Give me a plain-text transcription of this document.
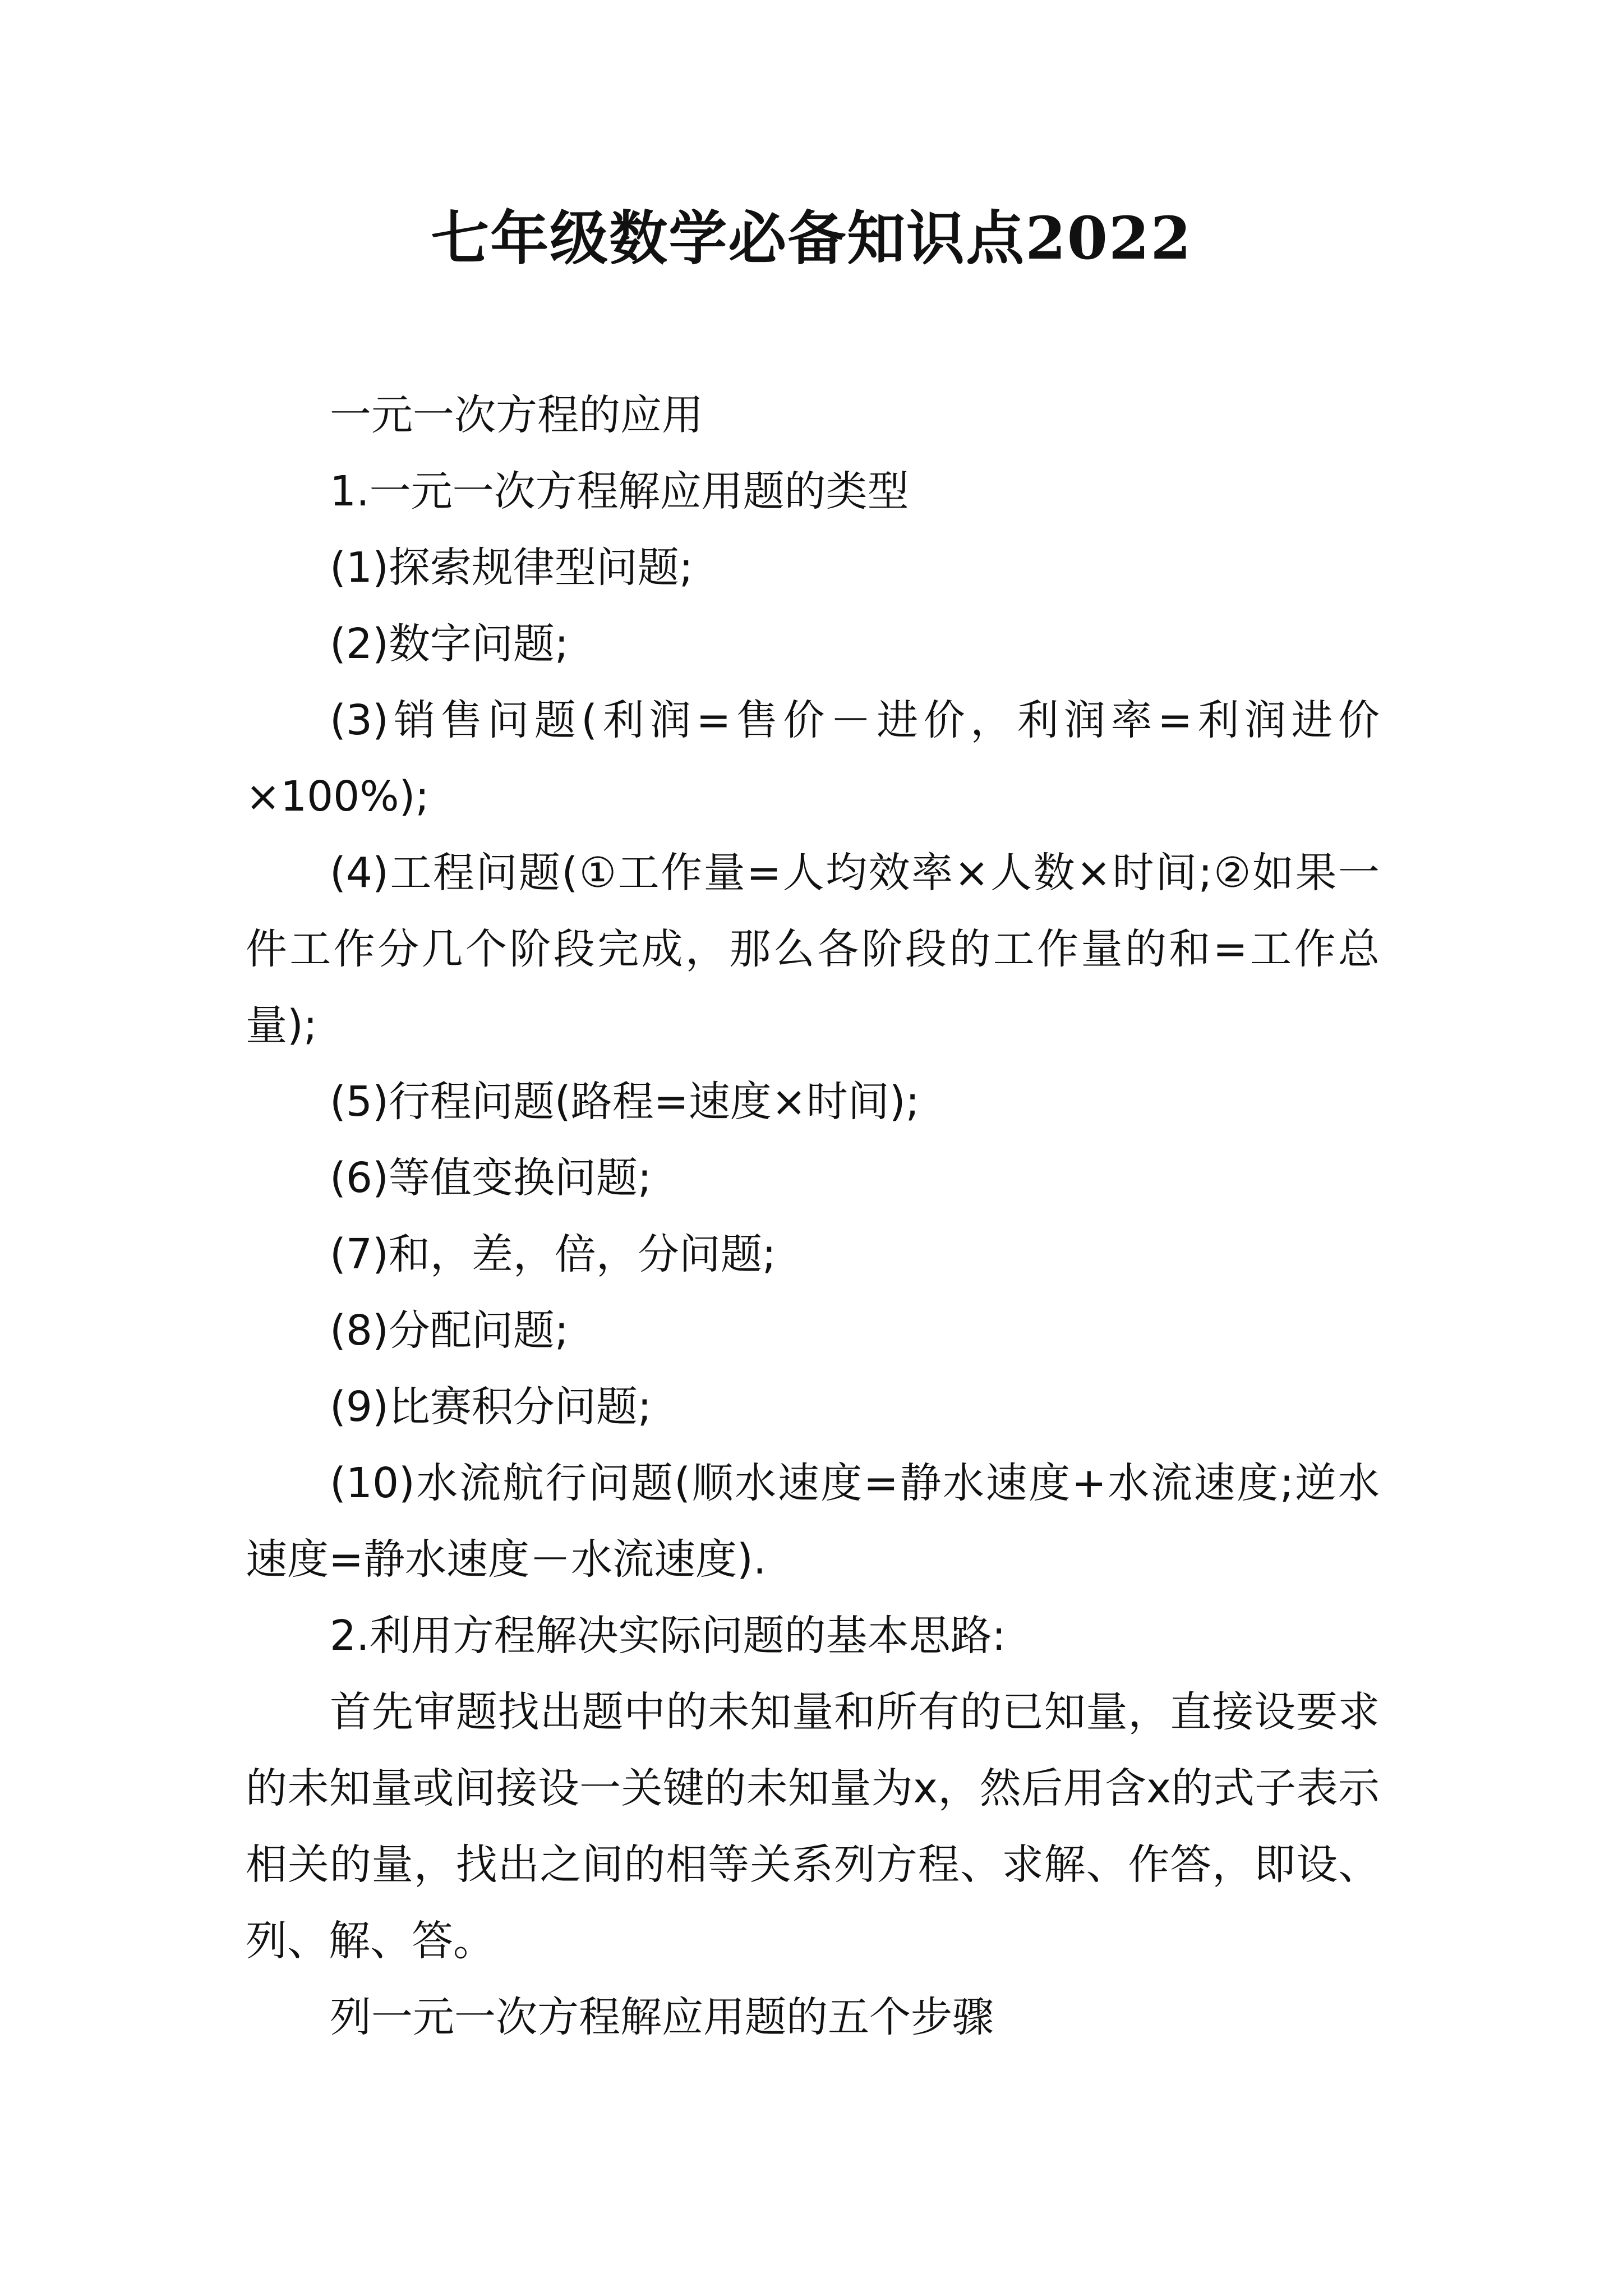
七年级数学必备知识点2022

一元一次方程的应用

1.一元一次方程解应用题的类型

(1)探索规律型问题;

(2)数字问题;

(3)销售问题(利润=售价－进价，利润率=利润进价×100%);

(4)工程问题(①工作量=人均效率×人数×时间;②如果一件工作分几个阶段完成，那么各阶段的工作量的和=工作总量);

(5)行程问题(路程=速度×时间);

(6)等值变换问题;

(7)和，差，倍，分问题;

(8)分配问题;

(9)比赛积分问题;

(10)水流航行问题(顺水速度=静水速度+水流速度;逆水速度=静水速度－水流速度).

2.利用方程解决实际问题的基本思路:

首先审题找出题中的未知量和所有的已知量，直接设要求的未知量或间接设一关键的未知量为x，然后用含x的式子表示相关的量，找出之间的相等关系列方程、求解、作答，即设、列、解、答。

列一元一次方程解应用题的五个步骤
